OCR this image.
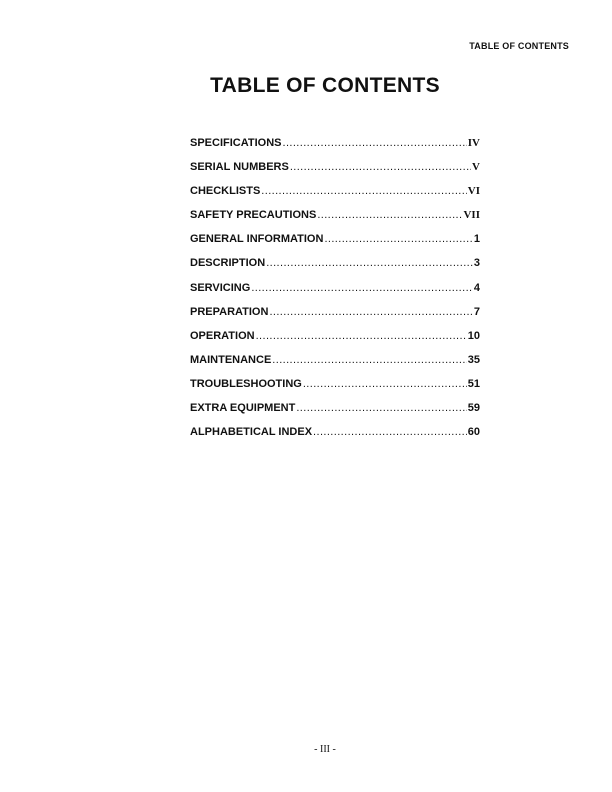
TABLE OF CONTENTS
TABLE OF CONTENTS
SPECIFICATIONS .....	IV
SERIAL NUMBERS .....	V
CHECKLISTS .....	VI
SAFETY PRECAUTIONS .....	VII
GENERAL INFORMATION .....	1
DESCRIPTION .....	3
SERVICING .....	4
PREPARATION .....	7
OPERATION .....	10
MAINTENANCE .....	35
TROUBLESHOOTING .....	51
EXTRA EQUIPMENT .....	59
ALPHABETICAL INDEX .....	60
- III -
